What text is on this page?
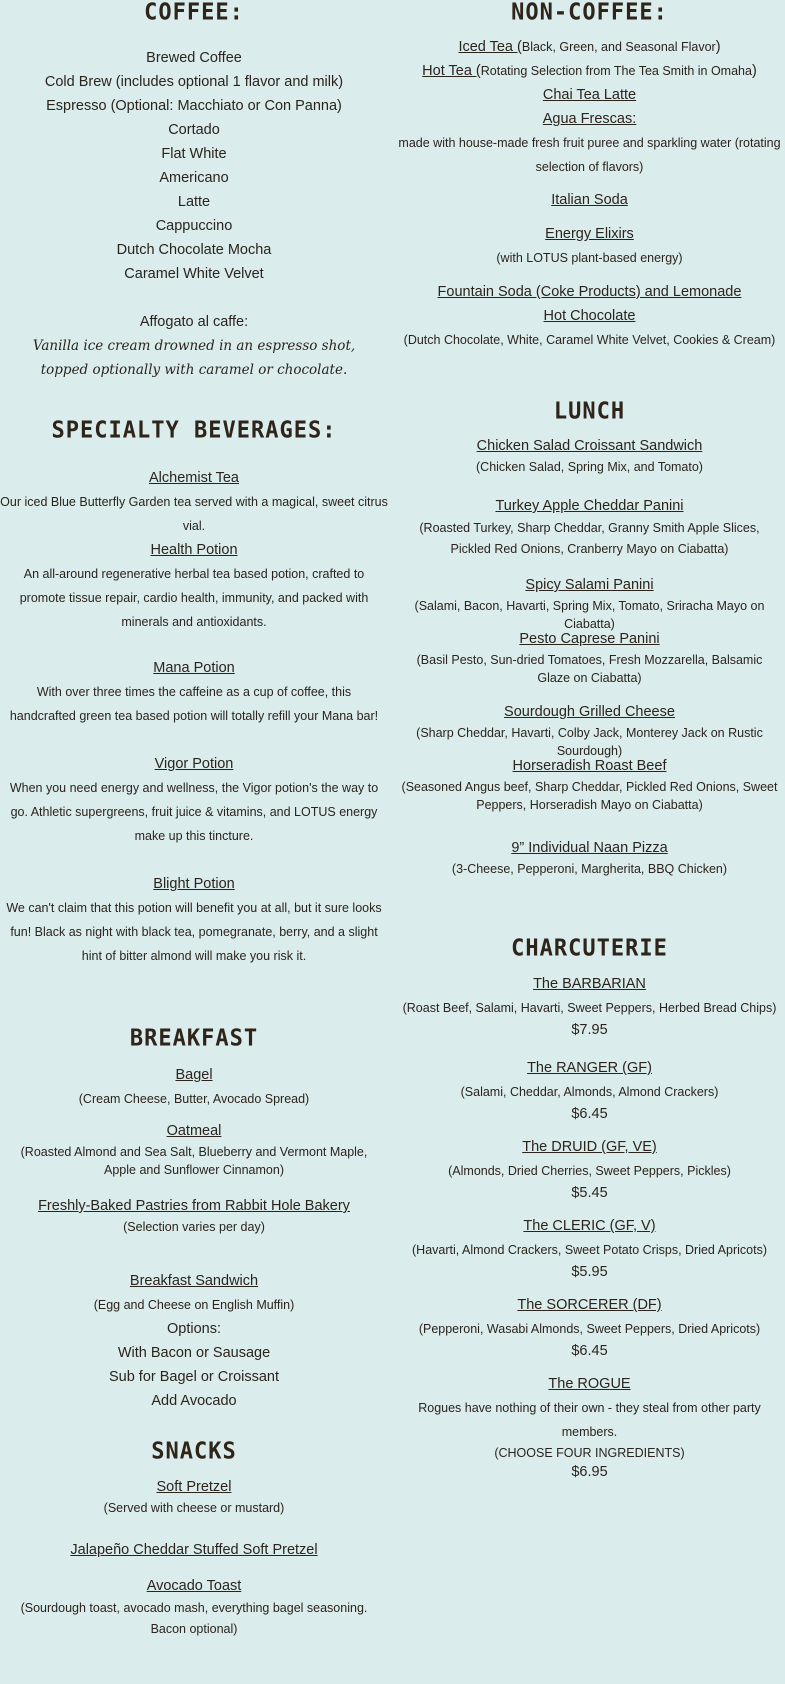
COFFEE:
Brewed Coffee
Cold Brew (includes optional 1 flavor and milk)
Espresso (Optional: Macchiato or Con Panna)
Cortado
Flat White
Americano
Latte
Cappuccino
Dutch Chocolate Mocha
Caramel White Velvet
Affogato al caffe:
Vanilla ice cream drowned in an espresso shot, topped optionally with caramel or chocolate.
SPECIALTY BEVERAGES:
Alchemist Tea
Our iced Blue Butterfly Garden tea served with a magical, sweet citrus vial.
Health Potion
An all-around regenerative herbal tea based potion, crafted to promote tissue repair, cardio health, immunity, and packed with minerals and antioxidants.
Mana Potion
With over three times the caffeine as a cup of coffee, this handcrafted green tea based potion will totally refill your Mana bar!
Vigor Potion
When you need energy and wellness, the Vigor potion's the way to go. Athletic supergreens, fruit juice & vitamins, and LOTUS energy make up this tincture.
Blight Potion
We can't claim that this potion will benefit you at all, but it sure looks fun! Black as night with black tea, pomegranate, berry, and a slight hint of bitter almond will make you risk it.
BREAKFAST
Bagel
(Cream Cheese, Butter, Avocado Spread)
Oatmeal
(Roasted Almond and Sea Salt, Blueberry and Vermont Maple, Apple and Sunflower Cinnamon)
Freshly-Baked Pastries from Rabbit Hole Bakery
(Selection varies per day)
Breakfast Sandwich
(Egg and Cheese on English Muffin)
Options:
With Bacon or Sausage
Sub for Bagel or Croissant
Add Avocado
SNACKS
Soft Pretzel
(Served with cheese or mustard)
Jalapeño Cheddar Stuffed Soft Pretzel
Avocado Toast
(Sourdough toast, avocado mash, everything bagel seasoning. Bacon optional)
NON-COFFEE:
Iced Tea (Black, Green, and Seasonal Flavor)
Hot Tea (Rotating Selection from The Tea Smith in Omaha)
Chai Tea Latte
Agua Frescas:
made with house-made fresh fruit puree and sparkling water (rotating selection of flavors)
Italian Soda
Energy Elixirs
(with LOTUS plant-based energy)
Fountain Soda (Coke Products) and Lemonade
Hot Chocolate
(Dutch Chocolate, White, Caramel White Velvet, Cookies & Cream)
LUNCH
Chicken Salad Croissant Sandwich
(Chicken Salad, Spring Mix, and Tomato)
Turkey Apple Cheddar Panini
(Roasted Turkey, Sharp Cheddar, Granny Smith Apple Slices, Pickled Red Onions, Cranberry Mayo on Ciabatta)
Spicy Salami Panini
(Salami, Bacon, Havarti, Spring Mix, Tomato, Sriracha Mayo on Ciabatta)
Pesto Caprese Panini
(Basil Pesto, Sun-dried Tomatoes, Fresh Mozzarella, Balsamic Glaze on Ciabatta)
Sourdough Grilled Cheese
(Sharp Cheddar, Havarti, Colby Jack, Monterey Jack on Rustic Sourdough)
Horseradish Roast Beef
(Seasoned Angus beef, Sharp Cheddar, Pickled Red Onions, Sweet Peppers, Horseradish Mayo on Ciabatta)
9” Individual Naan Pizza
(3-Cheese, Pepperoni, Margherita, BBQ Chicken)
CHARCUTERIE
The BARBARIAN
(Roast Beef, Salami, Havarti, Sweet Peppers, Herbed Bread Chips)
$7.95
The RANGER (GF)
(Salami, Cheddar, Almonds, Almond Crackers)
$6.45
The DRUID (GF, VE)
(Almonds, Dried Cherries, Sweet Peppers, Pickles)
$5.45
The CLERIC (GF, V)
(Havarti, Almond Crackers, Sweet Potato Crisps, Dried Apricots)
$5.95
The SORCERER (DF)
(Pepperoni, Wasabi Almonds, Sweet Peppers, Dried Apricots)
$6.45
The ROGUE
Rogues have nothing of their own - they steal from other party members.
(CHOOSE FOUR INGREDIENTS)
$6.95
